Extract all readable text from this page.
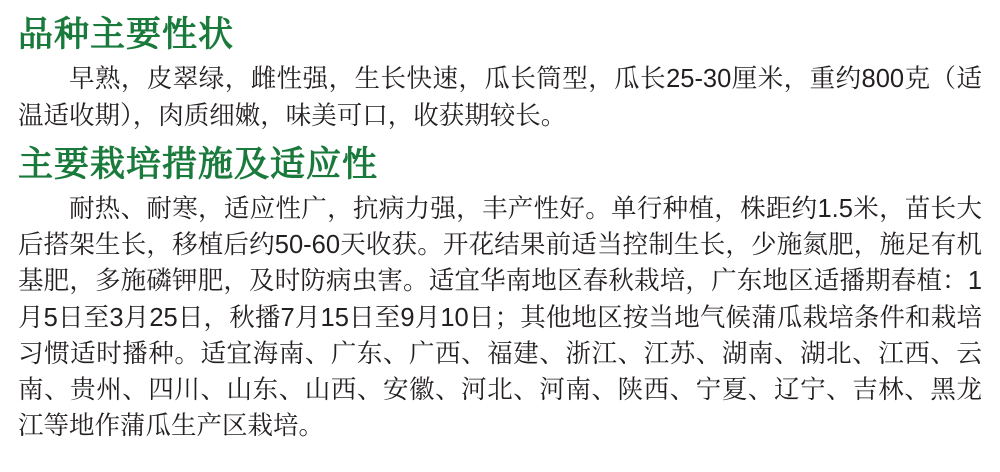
品种主要性状

早熟，皮翠绿，雌性强，生长快速，瓜长筒型，瓜长25-30厘米，重约800克（适温适收期），肉质细嫩，味美可口，收获期较长。

主要栽培措施及适应性

耐热、耐寒，适应性广，抗病力强，丰产性好。单行种植，株距约1.5米，苗长大后搭架生长，移植后约50-60天收获。开花结果前适当控制生长，少施氮肥，施足有机基肥，多施磷钾肥，及时防病虫害。适宜华南地区春秋栽培，广东地区适播期春植：1月5日至3月25日，秋播7月15日至9月10日；其他地区按当地气候蒲瓜栽培条件和栽培习惯适时播种。适宜海南、广东、广西、福建、浙江、江苏、湖南、湖北、江西、云南、贵州、四川、山东、山西、安徽、河北、河南、陕西、宁夏、辽宁、吉林、黑龙江等地作蒲瓜生产区栽培。
